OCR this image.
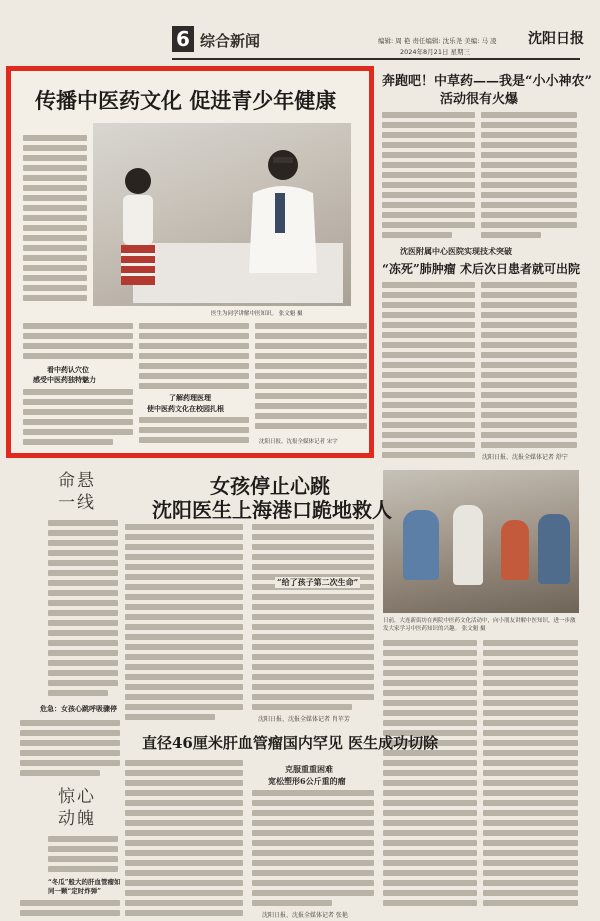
6 综合新闻	编辑: 周 艳 责任编辑: 沈乐尧 美编: 马 凌 沈阳日报
2024年8月21日 星期三
奔跑吧！中草药——我是“小小神农”
活动很有火爆
沈医附属中心医院实现技术突破
“冻死”肺肿瘤 术后次日患者就可出院
沈阳日报、沈报全媒体记者 舒宁
日前，大连新街坊在两院中医药文化活动中，向小朋友讲解中医知识，进一步激发大家学习中医药知识的兴趣。 张文魁 摄
命悬
一线
危急：女孩心跳呼吸骤停
惊心
动魄
“冬瓜”般大的肝血管瘤如同一颗“定时炸弹”
女孩停止心跳
沈阳医生上海港口跪地救人
“给了孩子第二次生命”
沈阳日报、沈报全媒体记者 肖苹芳
直径46厘米肝血管瘤国内罕见 医生成功切除
克服重重困难
宽松塑形6公斤重的瘤
沈阳日报、沈报全媒体记者 张艳
传播中医药文化 促进青少年健康
医生为同学讲解中医知识。 张文魁 摄
看中药认穴位
感受中医药独特魅力
了解药理医理
使中医药文化在校园扎根
沈阳日报、沈报全媒体记者 宋宇
